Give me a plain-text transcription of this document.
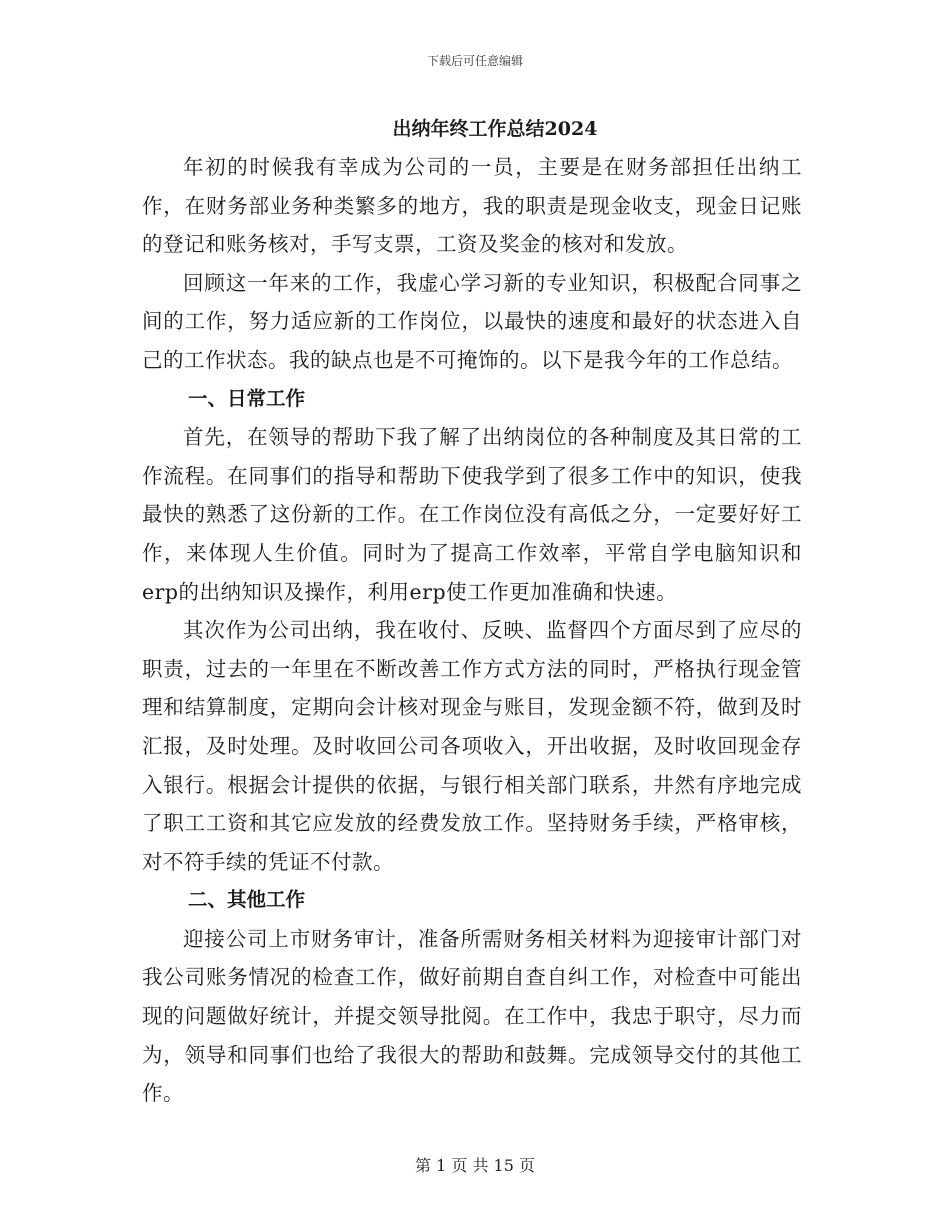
下载后可任意编辑
出纳年终工作总结2024

年初的时候我有幸成为公司的一员，主要是在财务部担任出纳工作，在财务部业务种类繁多的地方，我的职责是现金收支，现金日记账的登记和账务核对，手写支票，工资及奖金的核对和发放。

回顾这一年来的工作，我虚心学习新的专业知识，积极配合同事之间的工作，努力适应新的工作岗位，以最快的速度和最好的状态进入自己的工作状态。我的缺点也是不可掩饰的。以下是我今年的工作总结。

一、日常工作

首先，在领导的帮助下我了解了出纳岗位的各种制度及其日常的工作流程。在同事们的指导和帮助下使我学到了很多工作中的知识，使我最快的熟悉了这份新的工作。在工作岗位没有高低之分，一定要好好工作，来体现人生价值。同时为了提高工作效率，平常自学电脑知识和erp的出纳知识及操作，利用erp使工作更加准确和快速。

其次作为公司出纳，我在收付、反映、监督四个方面尽到了应尽的职责，过去的一年里在不断改善工作方式方法的同时，严格执行现金管理和结算制度，定期向会计核对现金与账目，发现金额不符，做到及时汇报，及时处理。及时收回公司各项收入，开出收据，及时收回现金存入银行。根据会计提供的依据，与银行相关部门联系，井然有序地完成了职工工资和其它应发放的经费发放工作。坚持财务手续，严格审核，对不符手续的凭证不付款。

二、其他工作

迎接公司上市财务审计，准备所需财务相关材料为迎接审计部门对我公司账务情况的检查工作，做好前期自查自纠工作，对检查中可能出现的问题做好统计，并提交领导批阅。在工作中，我忠于职守，尽力而为，领导和同事们也给了我很大的帮助和鼓舞。完成领导交付的其他工作。

第 1 页 共 15 页
